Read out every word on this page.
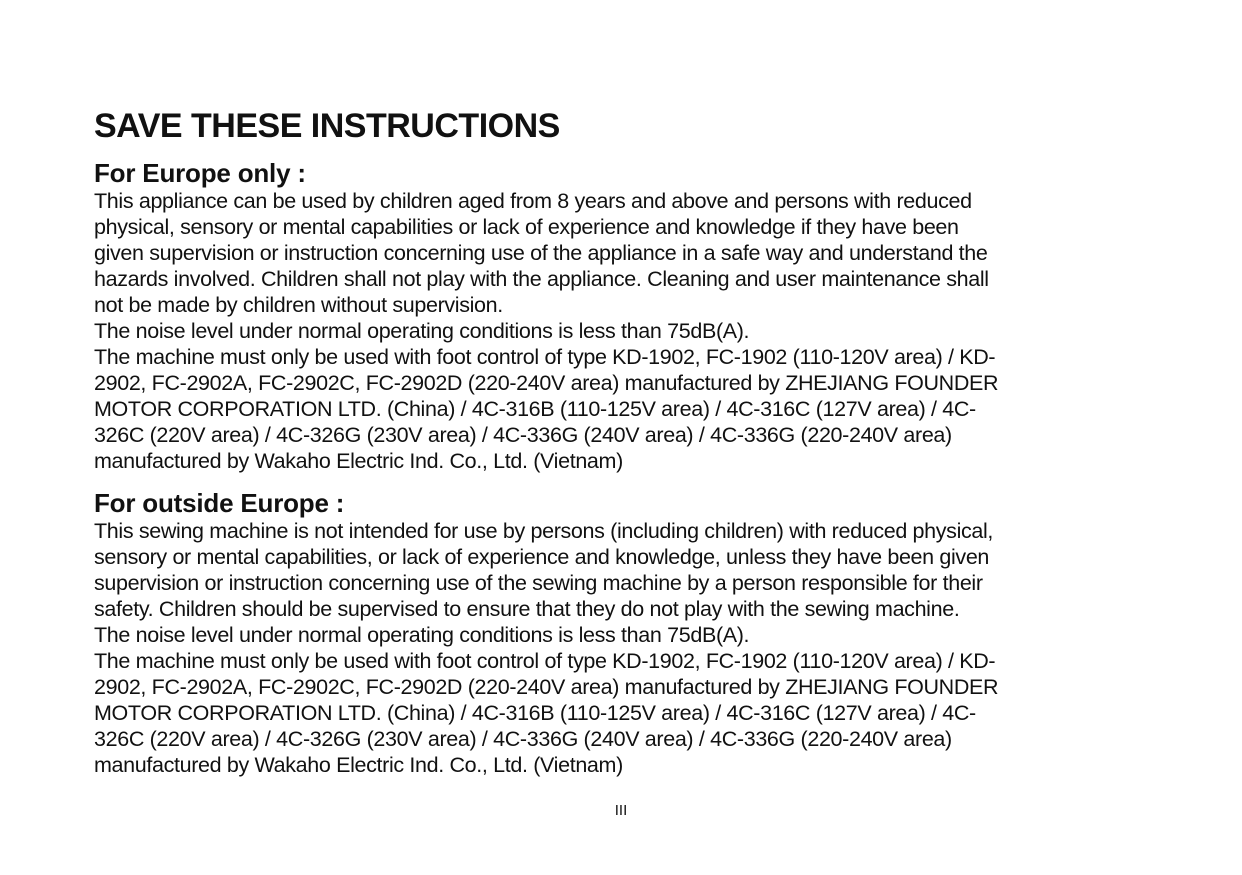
SAVE THESE INSTRUCTIONS
For Europe only :
This appliance can be used by children aged from 8 years and above and persons with reduced
physical, sensory or mental capabilities or lack of experience and knowledge if they have been
given supervision or instruction concerning use of the appliance in a safe way and understand the
hazards involved. Children shall not play with the appliance. Cleaning and user maintenance shall
not be made by children without supervision.
The noise level under normal operating conditions is less than 75dB(A).
The machine must only be used with foot control of type KD-1902, FC-1902 (110-120V area) / KD-
2902, FC-2902A, FC-2902C, FC-2902D (220-240V area) manufactured by ZHEJIANG FOUNDER
MOTOR CORPORATION LTD. (China) / 4C-316B (110-125V area) / 4C-316C (127V area) / 4C-
326C (220V area) / 4C-326G (230V area) / 4C-336G (240V area) / 4C-336G (220-240V area)
manufactured by Wakaho Electric Ind. Co., Ltd. (Vietnam)
For outside Europe :
This sewing machine is not intended for use by persons (including children) with reduced physical,
sensory or mental capabilities, or lack of experience and knowledge, unless they have been given
supervision or instruction concerning use of the sewing machine by a person responsible for their
safety. Children should be supervised to ensure that they do not play with the sewing machine.
The noise level under normal operating conditions is less than 75dB(A).
The machine must only be used with foot control of type KD-1902, FC-1902 (110-120V area) / KD-
2902, FC-2902A, FC-2902C, FC-2902D (220-240V area) manufactured by ZHEJIANG FOUNDER
MOTOR CORPORATION LTD. (China) / 4C-316B (110-125V area) / 4C-316C (127V area) / 4C-
326C (220V area) / 4C-326G (230V area) / 4C-336G (240V area) / 4C-336G (220-240V area)
manufactured by Wakaho Electric Ind. Co., Ltd. (Vietnam)
III
